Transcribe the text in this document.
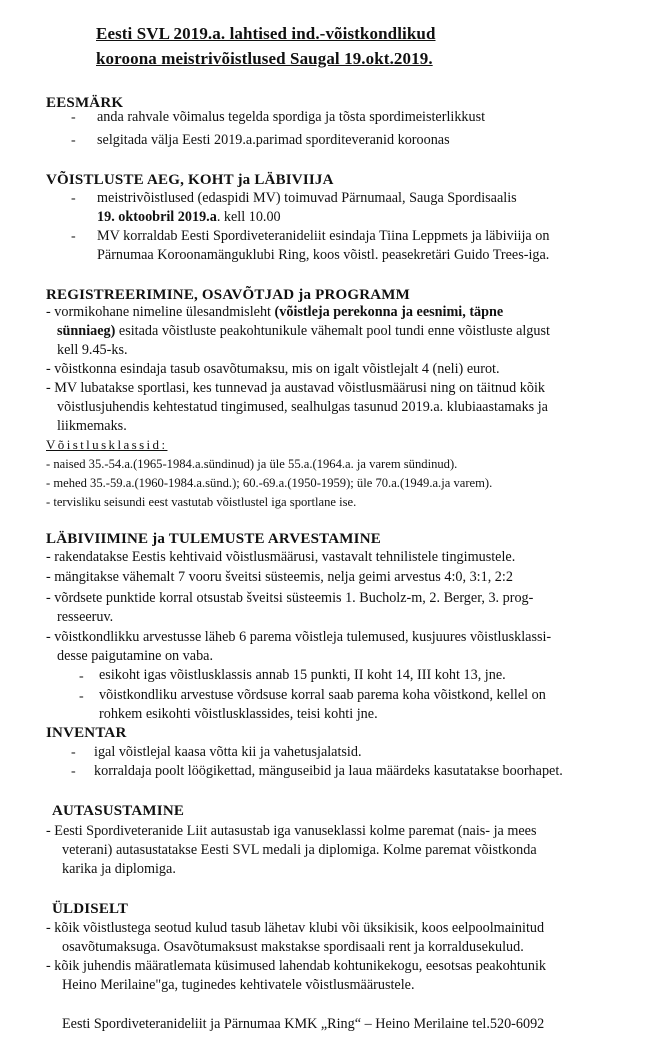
Eesti SVL 2019.a. lahtised ind.-võistkondlikud
koroona meistrivõistlused Saugal 19.okt.2019.
EESMÄRK
- anda rahvale võimalus tegelda spordiga ja tõsta spordimeisterlikkust
- selgitada välja Eesti 2019.a.parimad sporditeveranid koroonas
VÕISTLUSTE AEG, KOHT ja LÄBIVIIJA
- meistrivõistlused (edaspidi MV) toimuvad Pärnumaal, Sauga Spordisaalis
19. oktoobril 2019.a. kell 10.00
- MV korraldab Eesti Spordiveteranideliit esindaja Tiina Leppmets ja läbiviija on
Pärnumaa Koroonamänguklubi Ring, koos võistl. peasekretäri Guido Trees-iga.
REGISTREERIMINE, OSAVÕTJAD ja PROGRAMM
- vormikohane nimeline ülesandmisleht (võistleja perekonna ja eesnimi, täpne
sünniaeg) esitada võistluste peakohtunikule vähemalt pool tundi enne võistluste algust
kell 9.45-ks.
- võistkonna esindaja tasub osavõtumaksu, mis on igalt võistlejalt 4 (neli) eurot.
- MV lubatakse sportlasi, kes tunnevad ja austavad võistlusmäärusi ning on täitnud kõik
võistlusjuhendis kehtestatud tingimused, sealhulgas tasunud 2019.a. klubiaastamaks ja
liikmemaks.
Võistlusklassid:
- naised 35.-54.a.(1965-1984.a.sündinud) ja üle 55.a.(1964.a. ja varem sündinud).
- mehed 35.-59.a.(1960-1984.a.sünd.); 60.-69.a.(1950-1959); üle 70.a.(1949.a.ja varem).
- tervisliku seisundi eest vastutab võistlustel iga sportlane ise.
LÄBIVIIMINE ja TULEMUSTE ARVESTAMINE
- rakendatakse Eestis kehtivaid võistlusmäärusi, vastavalt tehnilistele tingimustele.
- mängitakse vähemalt 7 vooru šveitsi süsteemis, nelja geimi arvestus 4:0, 3:1, 2:2
- võrdsete punktide korral otsustab šveitsi süsteemis 1. Bucholz-m, 2. Berger, 3. prog-
resseeruv.
- võistkondlikku arvestusse läheb 6 parema võistleja tulemused, kusjuures võistlusklassi-
desse paigutamine on vaba.
- esikoht igas võistlusklassis annab 15 punkti, II koht 14, III koht 13, jne.
- võistkondliku arvestuse võrdsuse korral saab parema koha võistkond, kellel on
rohkem esikohti võistlusklassides, teisi kohti jne.
INVENTAR
- igal võistlejal kaasa võtta kii ja vahetusjalatsid.
- korraldaja poolt löögikettad, mänguseibid ja laua määrdeks kasutatakse boorhapet.
AUTASUSTAMINE
- Eesti Spordiveteranide Liit autasustab iga vanuseklassi kolme paremat (nais- ja mees
veterani) autasustatakse Eesti SVL medali ja diplomiga. Kolme paremat võistkonda
karika ja diplomiga.
ÜLDISELT
- kõik võistlustega seotud kulud tasub lähetav klubi või üksikisik, koos eelpoolmainitud
osavõtumaksuga. Osavõtumaksust makstakse spordisaali rent ja korraldusekulud.
- kõik juhendis määratlemata küsimused lahendab kohtunikekogu, eesotsas peakohtunik
Heino Merilaine"ga, tuginedes kehtivatele võistlusmäärustele.
Eesti Spordiveteranideliit ja Pärnumaa KMK „Ring“ – Heino Merilaine tel.520-6092
